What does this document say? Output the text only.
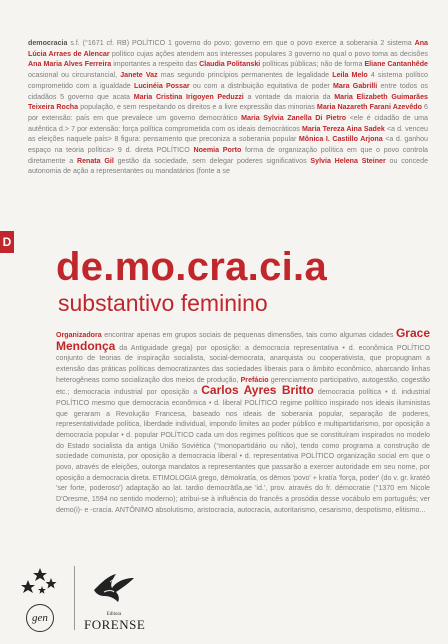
democracia s.f. (°1671 cf. RB) POLÍTICO 1 governo do povo; governo em que o povo exerce a soberania 2 sistema Ana Lúcia Arraes de Alencar político cujas ações atendem aos interesses populares 3 governo no qual o povo toma as decisões Ana Maria Alves Ferreira importantes a respeito das Claudia Politanski políticas públicas; não de forma Eliane Cantanhêde ocasional ou circunstancial, Janete Vaz mas segundo princípios permanentes de legalidade Leila Melo 4 sistema político comprometido com a igualdade Lucinéia Possar ou com a distribuição equitativa de poder Mara Gabrilli entre todos os cidadãos 5 governo que acata Maria Cristina Irigoyen Peduzzi a vontade da maioria da Maria Elizabeth Guimarães Teixeira Rocha população, e sem respeitando os direitos e a livre expressão das minorias Maria Nazareth Farani Azevêdo 6 por extensão: país em que prevalece um governo democrático Maria Sylvia Zanella Di Pietro <ele é cidadão de uma autêntica d.> 7 por extensão: força política comprometida com os ideais democráticos Maria Tereza Aina Sadek <a d. venceu as eleições naquele país> 8 figura: pensamento que preconiza a soberania popular Mônica I. Castillo Arjona <a d. ganhou espaço na teoria política> 9 d. direta POLÍTICO Noemia Porto forma de organização política em que o povo controla diretamente a Renata Gil gestão da sociedade, sem delegar poderes significativos Sylvia Helena Steiner ou concede autonomia de ação a representantes ou mandatários (fonte a se
D
de.mo.cra.ci.a
substantivo feminino
Organizadora encontrar apenas em grupos sociais de pequenas dimensões, tais como algumas cidades Grace Mendonça da Antiguidade grega) por oposição: a democracia representativa • d. econômica POLÍTICO conjunto de teorias de inspiração socialista, social-democrata, anarquista ou cooperativista, que propugnam a extensão das práticas políticas democratizantes das sociedades liberais para o âmbito econômico, abarcando linhas heterogêneas como socialização dos meios de produção, Prefácio gerenciamento participativo, autogestão, cogestão etc.; democracia industrial por oposição a Carlos Ayres Britto democracia política • d. industrial POLÍTICO mesmo que democracia econômica • d. liberal POLÍTICO regime político inspirado nos ideais iluministas que geraram a Revolução Francesa, baseado nos ideais de soberania popular, separação de poderes, representatividade política, liberdade individual, impondo limites ao poder público e multipartidarismo, por oposição a democracia popular • d. popular POLÍTICO cada um dos regimes políticos que se constituíram inspirados no modelo do Estado socialista da antiga União Soviética (°monopartidário ou não), tendo como programa a construção de sociedade comunista, por oposição a democracia liberal • d. representativa POLÍTICO organização social em que o povo, através de eleições, outorga mandatos a representantes que passarão a exercer autoridade em seu nome, por oposição a democracia direta. ETIMOLOGIA grego, dēmokratía, os dēmos 'povo' + kratía 'força, poder' (do v. gr. kratéō 'ser forte, poderoso') adaptação ao lat. tardio democrātĭa,ae 'id.', prov. através do fr. démocratie (°1370 em Nicole D'Oresme, 1594 no sentido moderno); atribui-se à influência do francês a prosódia desse vocábulo em português; ver demo(i)- e -cracia. ANTÔNIMO absolutismo, aristocracia, autocracia, autoritarismo, cesarismo, despotismo, elitismo...
gen	Editora
FORENSE
